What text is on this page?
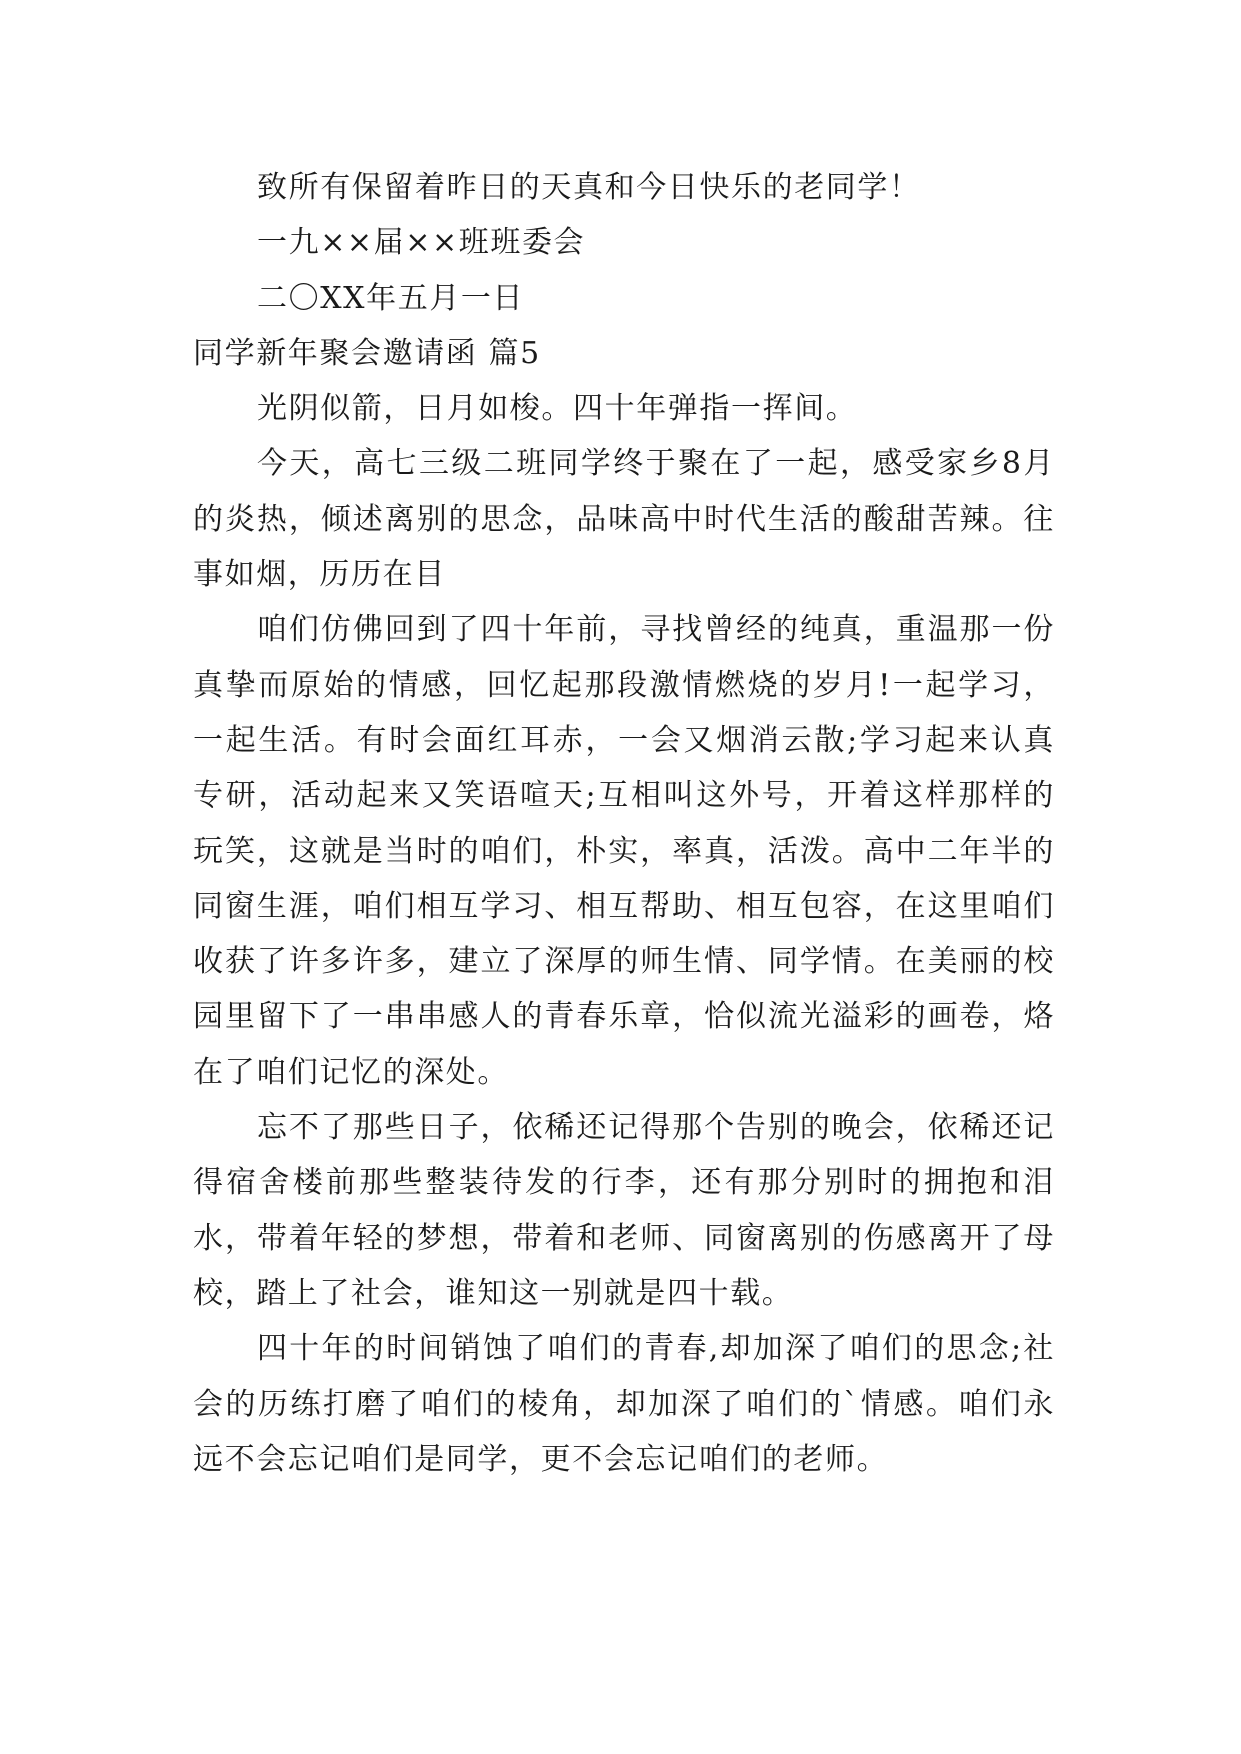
致所有保留着昨日的天真和今日快乐的老同学！

一九××届××班班委会

二〇XX年五月一日

同学新年聚会邀请函 篇5

光阴似箭，日月如梭。四十年弹指一挥间。

今天，高七三级二班同学终于聚在了一起，感受家乡8月的炎热，倾述离别的思念，品味高中时代生活的酸甜苦辣。往事如烟，历历在目

咱们仿佛回到了四十年前，寻找曾经的纯真，重温那一份真挚而原始的情感，回忆起那段激情燃烧的岁月!一起学习，一起生活。有时会面红耳赤，一会又烟消云散;学习起来认真专研，活动起来又笑语喧天;互相叫这外号，开着这样那样的玩笑，这就是当时的咱们，朴实，率真，活泼。高中二年半的同窗生涯，咱们相互学习、相互帮助、相互包容，在这里咱们收获了许多许多，建立了深厚的师生情、同学情。在美丽的校园里留下了一串串感人的青春乐章，恰似流光溢彩的画卷，烙在了咱们记忆的深处。

忘不了那些日子，依稀还记得那个告别的晚会，依稀还记得宿舍楼前那些整装待发的行李，还有那分别时的拥抱和泪水，带着年轻的梦想，带着和老师、同窗离别的伤感离开了母校，踏上了社会，谁知这一别就是四十载。

四十年的时间销蚀了咱们的青春,却加深了咱们的思念;社会的历练打磨了咱们的棱角，却加深了咱们的`情感。咱们永远不会忘记咱们是同学，更不会忘记咱们的老师。
